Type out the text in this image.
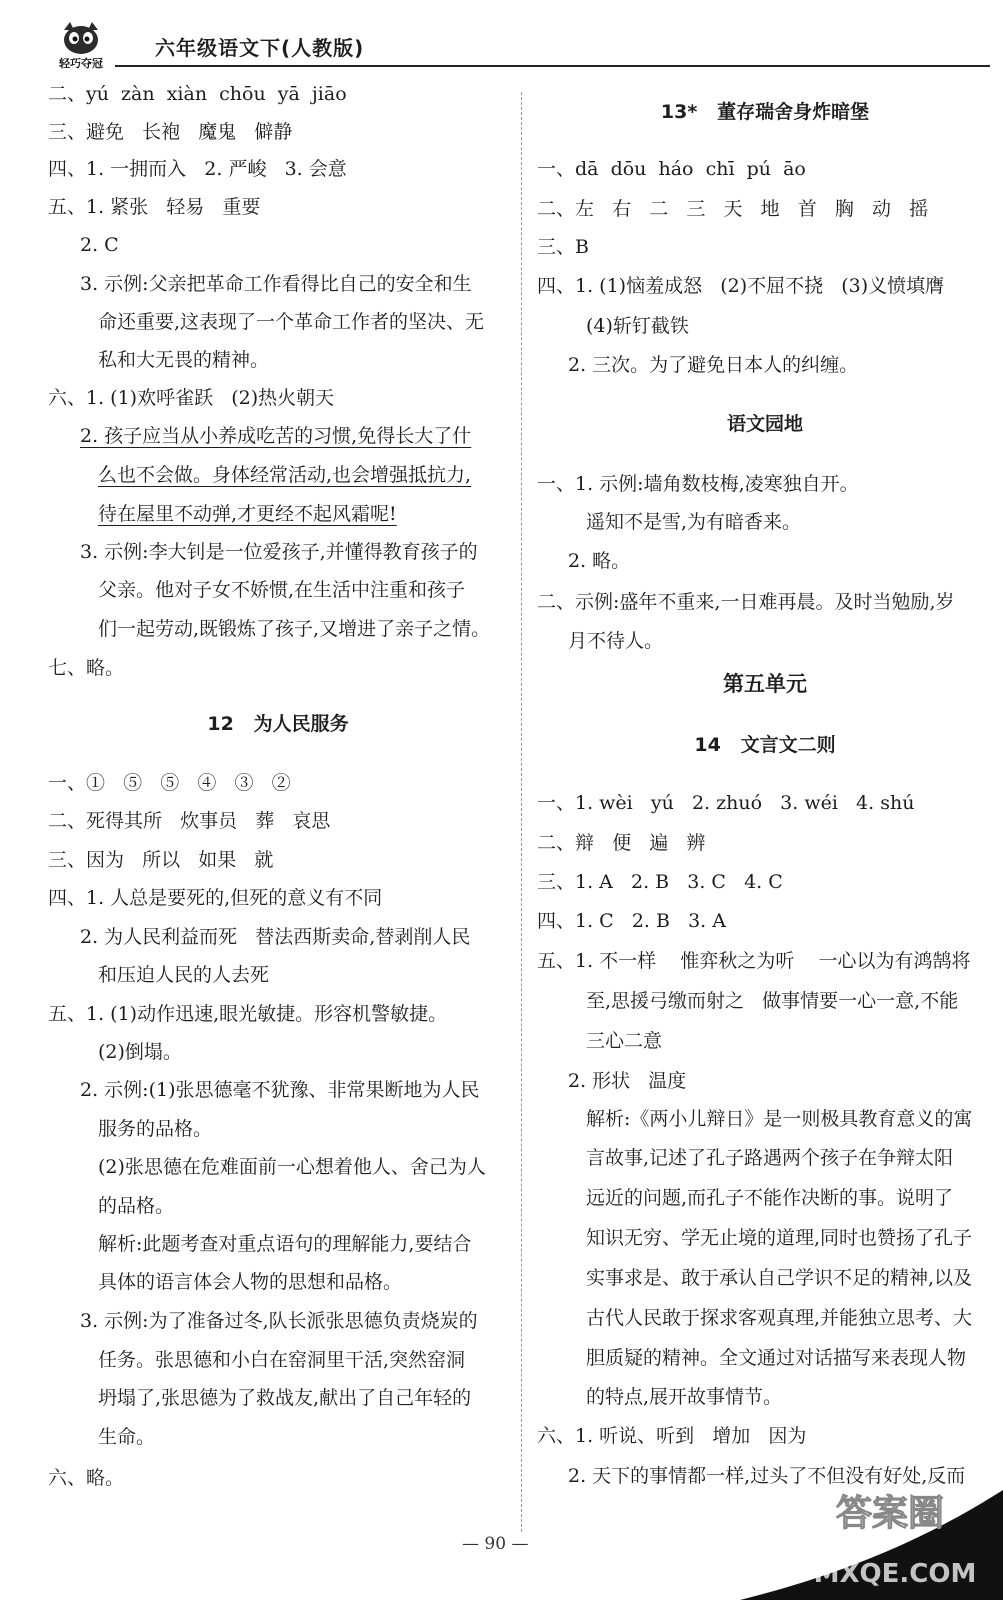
轻巧夺冠
六年级语文下(人教版)
二、yú  zàn  xiàn  chōu  yā  jiāo
三、避免   长袍   魔鬼   僻静
四、1. 一拥而入   2. 严峻   3. 会意
五、1. 紧张   轻易   重要
2. C
3. 示例:父亲把革命工作看得比自己的安全和生
命还重要,这表现了一个革命工作者的坚决、无
私和大无畏的精神。
六、1. (1)欢呼雀跃   (2)热火朝天
2. 孩子应当从小养成吃苦的习惯,免得长大了什
么也不会做。身体经常活动,也会增强抵抗力,
待在屋里不动弹,才更经不起风霜呢!
3. 示例:李大钊是一位爱孩子,并懂得教育孩子的
父亲。他对子女不娇惯,在生活中注重和孩子
们一起劳动,既锻炼了孩子,又增进了亲子之情。
七、略。
12   为人民服务
一、①   ⑤   ⑤   ④   ③   ②
二、死得其所   炊事员   葬   哀思
三、因为   所以   如果   就
四、1. 人总是要死的,但死的意义有不同
2. 为人民利益而死   替法西斯卖命,替剥削人民
和压迫人民的人去死
五、1. (1)动作迅速,眼光敏捷。形容机警敏捷。
(2)倒塌。
2. 示例:(1)张思德毫不犹豫、非常果断地为人民
服务的品格。
(2)张思德在危难面前一心想着他人、舍己为人
的品格。
解析:此题考查对重点语句的理解能力,要结合
具体的语言体会人物的思想和品格。
3. 示例:为了准备过冬,队长派张思德负责烧炭的
任务。张思德和小白在窑洞里干活,突然窑洞
坍塌了,张思德为了救战友,献出了自己年轻的
生命。
六、略。
13*   董存瑞舍身炸暗堡
一、dā  dōu  háo  chī  pú  āo
二、左   右   二   三   天   地   首   胸   动   摇
三、B
四、1. (1)恼羞成怒   (2)不屈不挠   (3)义愤填膺
(4)斩钉截铁
2. 三次。为了避免日本人的纠缠。
语文园地
一、1. 示例:墙角数枝梅,凌寒独自开。
遥知不是雪,为有暗香来。
2. 略。
二、示例:盛年不重来,一日难再晨。及时当勉励,岁
月不待人。
第五单元
14   文言文二则
一、1. wèi   yú   2. zhuó   3. wéi   4. shú
二、辩   便   遍   辨
三、1. A   2. B   3. C   4. C
四、1. C   2. B   3. A
五、1. 不一样    惟弈秋之为听    一心以为有鸿鹄将
至,思援弓缴而射之   做事情要一心一意,不能
三心二意
2. 形状   温度
解析:《两小儿辩日》是一则极具教育意义的寓
言故事,记述了孔子路遇两个孩子在争辩太阳
远近的问题,而孔子不能作决断的事。说明了
知识无穷、学无止境的道理,同时也赞扬了孔子
实事求是、敢于承认自己学识不足的精神,以及
古代人民敢于探求客观真理,并能独立思考、大
胆质疑的精神。全文通过对话描写来表现人物
的特点,展开故事情节。
六、1. 听说、听到   增加   因为
2. 天下的事情都一样,过头了不但没有好处,反而
— 90 —
答案圈
MXQE.COM
